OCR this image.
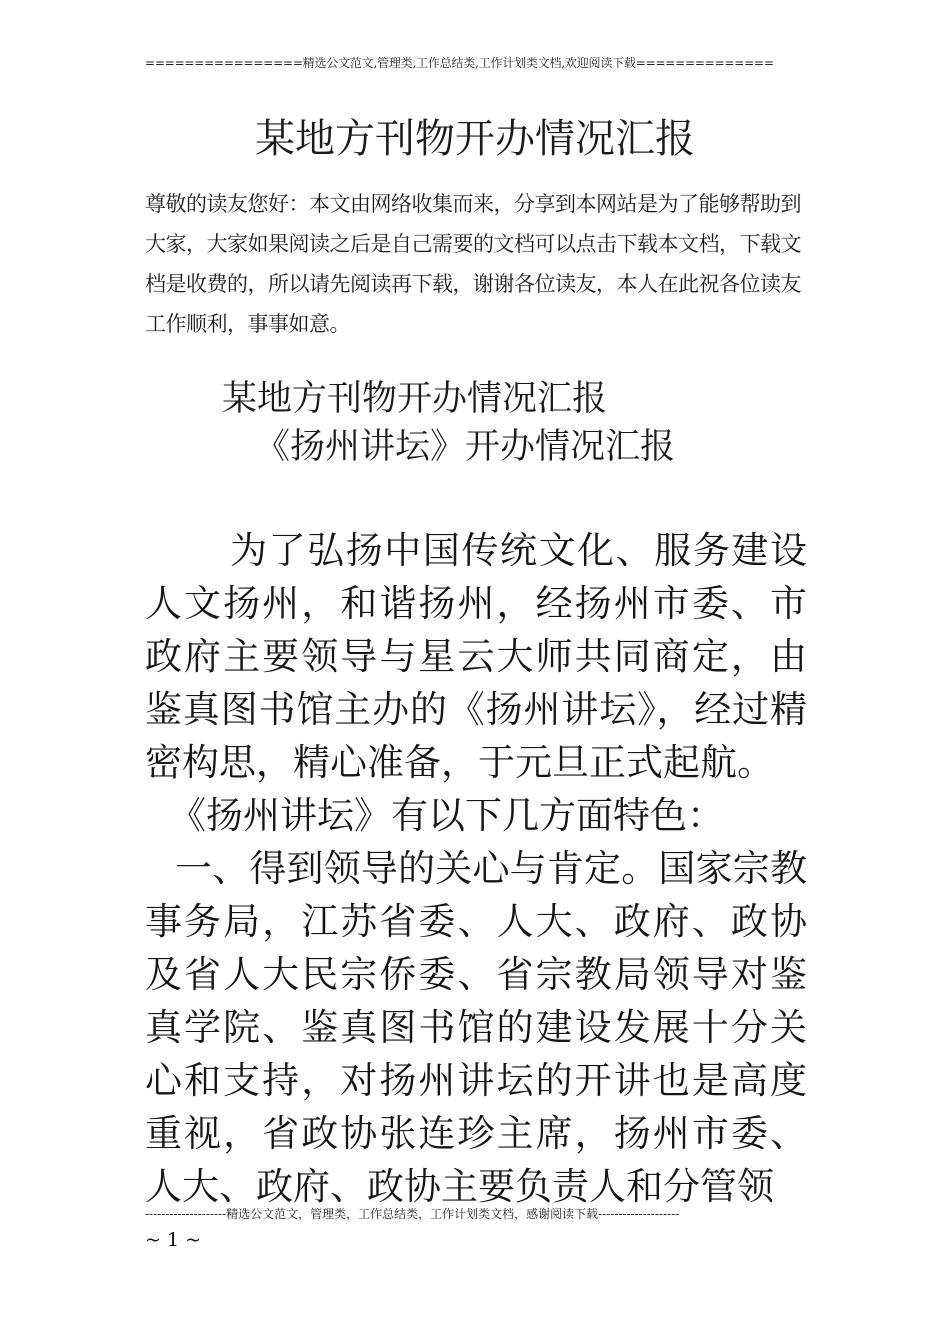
================精选公文范文,管理类,工作总结类,工作计划类文档,欢迎阅读下载==============
某地方刊物开办情况汇报
尊敬的读友您好：本文由网络收集而来，分享到本网站是为了能够帮助到大家，大家如果阅读之后是自己需要的文档可以点击下载本文档，下载文档是收费的，所以请先阅读再下载，谢谢各位读友，本人在此祝各位读友工作顺利，事事如意。
某地方刊物开办情况汇报
《扬州讲坛》开办情况汇报

为了弘扬中国传统文化、服务建设人文扬州，和谐扬州，经扬州市委、市政府主要领导与星云大师共同商定，由鉴真图书馆主办的《扬州讲坛》，经过精密构思，精心准备，于元旦正式起航。

《扬州讲坛》有以下几方面特色：

一、得到领导的关心与肯定。国家宗教事务局，江苏省委、人大、政府、政协及省人大民宗侨委、省宗教局领导对鉴真学院、鉴真图书馆的建设发展十分关心和支持，对扬州讲坛的开讲也是高度重视，省政协张连珍主席，扬州市委、人大、政府、政协主要负责人和分管领

--------------------精选公文范文，管理类，工作总结类，工作计划类文档，感谢阅读下载--------------------
~ 1 ~
